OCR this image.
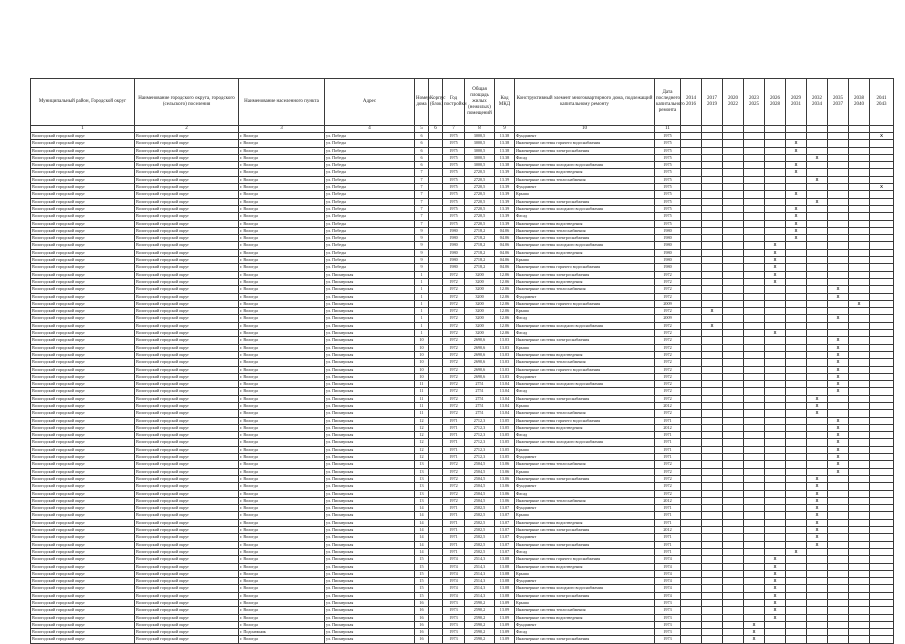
Муниципальный район, Городской округ	Наименование городского округа, городского (сельского) поселения	Наименование населенного пункта	Адрес	Номер дома	Корпус (блок)	Год постройки	Общая площадь жилых (нежилых) помещений	Код МКД	Конструктивный элемент многоквартирного дома, подлежащий капитальному ремонту	Дата последнего капитального ремонта	2014 2016	2017 2019	2020 2022	2023 2025	2026 2028	2029 2031	2032 2034	2035 2037	2038 2040	2041 2043
1	2	3	4	5	6	7	8	9	10	11										
Вологодский городской округ	Вологодский городской округ	г. Вологда	ул. Победы	6		1975	3000,5	13.38	Фундамент	1975										X
Вологодский городской округ	Вологодский городской округ	г. Вологда	ул. Победы	6		1975	3000,5	13.38	Инженерные системы горячего водоснабжения	1975						X				
Вологодский городской округ	Вологодский городской округ	г. Вологда	ул. Победы	6		1975	3000,5	13.38	Инженерные системы электроснабжения	1975						X				
Вологодский городской округ	Вологодский городской округ	г. Вологда	ул. Победы	6		1975	3000,5	13.38	Фасад	1975							X			
Вологодский городской округ	Вологодский городской округ	г. Вологда	ул. Победы	6		1975	3000,5	13.38	Инженерные системы холодного водоснабжения	1975						X				
Вологодский городской округ	Вологодский городской округ	г. Вологда	ул. Победы	7		1975	2720,5	13.39	Инженерные системы водоотведения	1975						X				
Вологодский городской округ	Вологодский городской округ	г. Вологда	ул. Победы	7		1975	2720,5	13.39	Инженерные системы теплоснабжения	1975							X			
Вологодский городской округ	Вологодский городской округ	г. Вологда	ул. Победы	7		1975	2720,5	13.39	Фундамент	1975										X
Вологодский городской округ	Вологодский городской округ	г. Вологда	ул. Победы	7		1975	2720,5	13.39	Крыша	1975						X				
Вологодский городской округ	Вологодский городской округ	г. Вологда	ул. Победы	7		1975	2720,5	13.39	Инженерные системы электроснабжения	1975							X			
Вологодский городской округ	Вологодский городской округ	г. Вологда	ул. Победы	7		1975	2720,5	13.39	Инженерные системы холодного водоснабжения	1975						X				
Вологодский городской округ	Вологодский городской округ	г. Вологда	ул. Победы	7		1975	2720,5	13.39	Фасад	1975						X				
Вологодский городской округ	Вологодский городской округ	г. Вологда	ул. Победы	7		1975	2720,5	13.39	Инженерные системы водоотведения	1975						X				
Вологодский городской округ	Вологодский городской округ	г. Вологда	ул. Победы	9		1980	2718,2	04.06	Инженерные системы теплоснабжения	1980						X				
Вологодский городской округ	Вологодский городской округ	г. Вологда	ул. Победы	9		1980	2718,2	04.06	Инженерные системы электроснабжения	1980						X				
Вологодский городской округ	Вологодский городской округ	г. Вологда	ул. Победы	9		1980	2718,2	04.06	Инженерные системы холодного водоснабжения	1980					X					
Вологодский городской округ	Вологодский городской округ	г. Вологда	ул. Победы	9		1980	2718,2	04.06	Инженерные системы водоотведения	1980					X					
Вологодский городской округ	Вологодский городской округ	г. Вологда	ул. Победы	9		1980	2718,2	04.06	Крыша	1980					X					
Вологодский городской округ	Вологодский городской округ	г. Вологда	ул. Победы	9		1980	2718,2	04.06	Инженерные системы горячего водоснабжения	1980					X					
Вологодский городской округ	Вологодский городской округ	г. Вологда	ул. Пионерская	1		1972	3200	12.06	Инженерные системы электроснабжения	1972					X					
Вологодский городской округ	Вологодский городской округ	г. Вологда	ул. Пионерская	1		1972	3200	12.06	Инженерные системы водоотведения	1972					X					
Вологодский городской округ	Вологодский городской округ	г. Вологда	ул. Пионерская	1		1972	3200	12.06	Инженерные системы теплоснабжения	1972								X		
Вологодский городской округ	Вологодский городской округ	г. Вологда	ул. Пионерская	1		1972	3200	12.06	Фундамент	1972								X		
Вологодский городской округ	Вологодский городской округ	г. Вологда	ул. Пионерская	1		1972	3200	12.06	Инженерные системы горячего водоснабжения	2009									X	
Вологодский городской округ	Вологодский городской округ	г. Вологда	ул. Пионерская	1		1972	3200	12.06	Крыша	1972		X								
Вологодский городской округ	Вологодский городской округ	г. Вологда	ул. Пионерская	1		1972	3200	12.06	Фасад	2009								X		
Вологодский городской округ	Вологодский городской округ	г. Вологда	ул. Пионерская	1		1972	3200	12.06	Инженерные системы холодного водоснабжения	1972		X								
Вологодский городской округ	Вологодский городской округ	г. Вологда	ул. Пионерская	1		1972	3200	12.06	Фасад	1972					X					
Вологодский городской округ	Вологодский городской округ	г. Вологда	ул. Пионерская	10		1972	2690,6	13.03	Инженерные системы электроснабжения	1972								X		
Вологодский городской округ	Вологодский городской округ	г. Вологда	ул. Пионерская	10		1972	2690,6	13.03	Крыша	1972								X		
Вологодский городской округ	Вологодский городской округ	г. Вологда	ул. Пионерская	10		1972	2690,6	13.03	Инженерные системы водоотведения	1972								X		
Вологодский городской округ	Вологодский городской округ	г. Вологда	ул. Пионерская	10		1972	2690,6	13.03	Инженерные системы теплоснабжения	1972								X		
Вологодский городской округ	Вологодский городской округ	г. Вологда	ул. Пионерская	10		1972	2690,6	13.03	Инженерные системы горячего водоснабжения	1972								X		
Вологодский городской округ	Вологодский городской округ	г. Вологда	ул. Пионерская	10		1972	2690,6	13.03	Фундамент	1972								X		
Вологодский городской округ	Вологодский городской округ	г. Вологда	ул. Пионерская	11		1972	2751	13.04	Инженерные системы холодного водоснабжения	1972								X		
Вологодский городской округ	Вологодский городской округ	г. Вологда	ул. Пионерская	11		1972	2751	13.04	Фасад	1972								X		
Вологодский городской округ	Вологодский городской округ	г. Вологда	ул. Пионерская	11		1972	2751	13.04	Инженерные системы электроснабжения	1972							X			
Вологодский городской округ	Вологодский городской округ	г. Вологда	ул. Пионерская	11		1972	2751	13.04	Крыша	2012							X			
Вологодский городской округ	Вологодский городской округ	г. Вологда	ул. Пионерская	11		1972	2751	13.04	Инженерные системы теплоснабжения	1972							X			
Вологодский городской округ	Вологодский городской округ	г. Вологда	ул. Пионерская	12		1971	2712,3	13.05	Инженерные системы горячего водоснабжения	1971								X		
Вологодский городской округ	Вологодский городской округ	г. Вологда	ул. Пионерская	12		1971	2712,3	13.05	Инженерные системы водоотведения	2012								X		
Вологодский городской округ	Вологодский городской округ	г. Вологда	ул. Пионерская	12		1971	2712,3	13.05	Фасад	1971								X		
Вологодский городской округ	Вологодский городской округ	г. Вологда	ул. Пионерская	12		1971	2712,3	13.05	Инженерные системы холодного водоснабжения	1971								X		
Вологодский городской округ	Вологодский городской округ	г. Вологда	ул. Пионерская	12		1971	2712,3	13.05	Крыша	1971								X		
Вологодский городской округ	Вологодский городской округ	г. Вологда	ул. Пионерская	12		1971	2712,3	13.05	Фундамент	1971								X		
Вологодский городской округ	Вологодский городской округ	г. Вологда	ул. Пионерская	13		1972	2504,5	13.06	Инженерные системы теплоснабжения	1972								X		
Вологодский городской округ	Вологодский городской округ	г. Вологда	ул. Пионерская	13		1972	2504,5	13.06	Крыша	1972								X		
Вологодский городской округ	Вологодский городской округ	г. Вологда	ул. Пионерская	13		1972	2504,5	13.06	Инженерные системы электроснабжения	1972							X			
Вологодский городской округ	Вологодский городской округ	г. Вологда	ул. Пионерская	13		1972	2504,5	13.06	Фундамент	1972							X			
Вологодский городской округ	Вологодский городской округ	г. Вологда	ул. Пионерская	13		1972	2504,5	13.06	Фасад	1972							X			
Вологодский городской округ	Вологодский городской округ	г. Вологда	ул. Пионерская	13		1972	2504,5	13.06	Инженерные системы теплоснабжения	2012							X			
Вологодский городской округ	Вологодский городской округ	г. Вологда	ул. Пионерская	14		1971	2502,5	13.07	Фундамент	1971							X			
Вологодский городской округ	Вологодский городской округ	г. Вологда	ул. Пионерская	14		1971	2502,5	13.07	Крыша	1971							X			
Вологодский городской округ	Вологодский городской округ	г. Вологда	ул. Пионерская	14		1971	2502,5	13.07	Инженерные системы водоотведения	1971							X			
Вологодский городской округ	Вологодский городской округ	г. Вологда	ул. Пионерская	14		1971	2502,5	13.07	Инженерные системы электроснабжения	2012							X			
Вологодский городской округ	Вологодский городской округ	г. Вологда	ул. Пионерская	14		1971	2502,5	13.07	Фундамент	1971							X			
Вологодский городской округ	Вологодский городской округ	г. Вологда	ул. Пионерская	14		1971	2502,5	13.07	Инженерные системы электроснабжения	1971							X			
Вологодский городской округ	Вологодский городской округ	г. Вологда	ул. Пионерская	14		1971	2502,5	13.07	Фасад	1971						X				
Вологодский городской округ	Вологодский городской округ	г. Вологда	ул. Пионерская	15		1974	2514,3	13.08	Инженерные системы горячего водоснабжения	1974					X					
Вологодский городской округ	Вологодский городской округ	г. Вологда	ул. Пионерская	15		1974	2514,3	13.08	Инженерные системы водоотведения	1974					X					
Вологодский городской округ	Вологодский городской округ	г. Вологда	ул. Пионерская	15		1974	2514,3	13.08	Крыша	1974					X					
Вологодский городской округ	Вологодский городской округ	г. Вологда	ул. Пионерская	15		1974	2514,3	13.08	Фундамент	1974					X					
Вологодский городской округ	Вологодский городской округ	г. Вологда	ул. Пионерская	15		1974	2514,3	13.08	Инженерные системы холодного водоснабжения	1974					X					
Вологодский городской округ	Вологодский городской округ	г. Вологда	ул. Пионерская	15		1974	2514,3	13.08	Инженерные системы электроснабжения	1974					X					
Вологодский городской округ	Вологодский городской округ	г. Вологда	ул. Пионерская	16		1973	2590,2	13.09	Крыша	1973					X					
Вологодский городской округ	Вологодский городской округ	г. Вологда	ул. Пионерская	16		1973	2590,2	13.09	Инженерные системы теплоснабжения	1973					X					
Вологодский городской округ	Вологодский городской округ	г. Вологда	ул. Пионерская	16		1973	2590,2	13.09	Инженерные системы водоотведения	1973					X					
Вологодский городской округ	Вологодский городской округ	г. Вологда	ул. Пионерская	16		1973	2590,2	13.09	Фундамент	1973				X						
Вологодский городской округ	Вологодский городской округ	г. Подснежник	ул. Пионерская	16		1973	2590,2	13.09	Фасад	1973				X						
Вологодский городской округ	Вологодский городской округ	г. Вологда	ул. Пионерская	16		1973	2590,2	13.09	Инженерные системы электроснабжения	1973				X						
